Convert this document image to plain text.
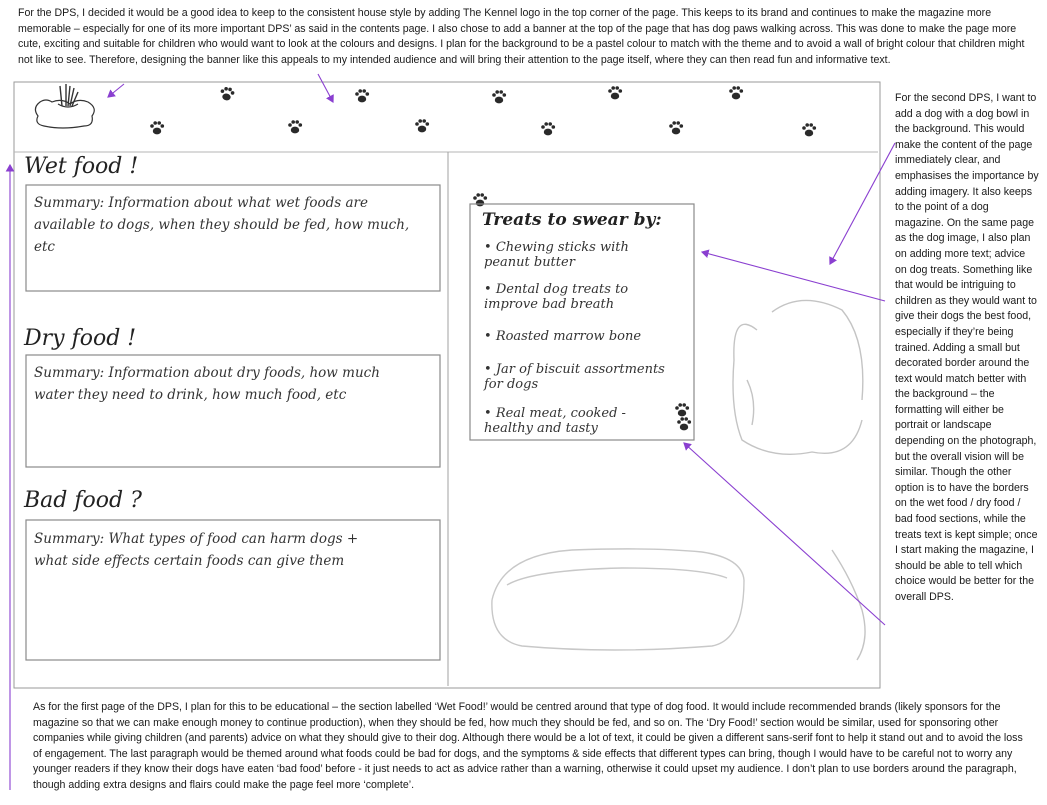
For the DPS, I decided it would be a good idea to keep to the consistent house style by adding The Kennel logo in the top corner of the page. This keeps to its brand and continues to make the magazine more memorable – especially for one of its more important DPS’ as said in the contents page. I also chose to add a banner at the top of the page that has dog paws walking across. This was done to make the page more cute, exciting and suitable for children who would want to look at the colours and designs. I plan for the background to be a pastel colour to match with the theme and to avoid a wall of bright colour that children might not like to see. Therefore, designing the banner like this appeals to my intended audience and will bring their attention to the page itself, where they can then read fun and informative text.
For the second DPS, I want to add a dog with a dog bowl in the background. This would make the content of the page immediately clear, and emphasises the importance by adding imagery. It also keeps to the point of a dog magazine. On the same page as the dog image, I also plan on adding more text; advice on dog treats. Something like that would be intriguing to children as they would want to give their dogs the best food, especially if they’re being trained. Adding a small but decorated border around the text would match better with the background – the formatting will either be portrait or landscape depending on the photograph, but the overall vision will be similar. Though the other option is to have the borders on the wet food / dry food / bad food sections, while the treats text is kept simple; once I start making the magazine, I should be able to tell which choice would be better for the overall DPS.
As for the first page of the DPS, I plan for this to be educational – the section labelled ‘Wet Food!’ would be centred around that type of dog food. It would include recommended brands (likely sponsors for the magazine so that we can make enough money to continue production), when they should be fed, how much they should be fed, and so on. The ‘Dry Food!’ section would be similar, used for sponsoring other companies while giving children (and parents) advice on what they should give to their dog. Although there would be a lot of text, it could be given a different sans-serif font to help it stand out and to avoid the loss of engagement. The last paragraph would be themed around what foods could be bad for dogs, and the symptoms & side effects that different types can bring, though I would have to be careful not to worry any younger readers if they know their dogs have eaten ‘bad food’ before - it just needs to act as advice rather than a warning, otherwise it could upset my audience. I don’t plan to use borders around the paragraph, though adding extra designs and flairs could make the page feel more ‘complete’.
Wet food !
Summary: Information about what wet foods are
available to dogs, when they should be fed, how much,
etc
Dry food !
Summary: Information about dry foods, how much
water they need to drink, how much food, etc
Bad food ?
Summary: What types of food can harm dogs +
what side effects certain foods can give them
Treats to swear by:
• Chewing sticks with peanut butter
• Dental dog treats to improve bad breath
• Roasted marrow bone
• Jar of biscuit assortments for dogs
• Real meat, cooked - healthy and tasty
